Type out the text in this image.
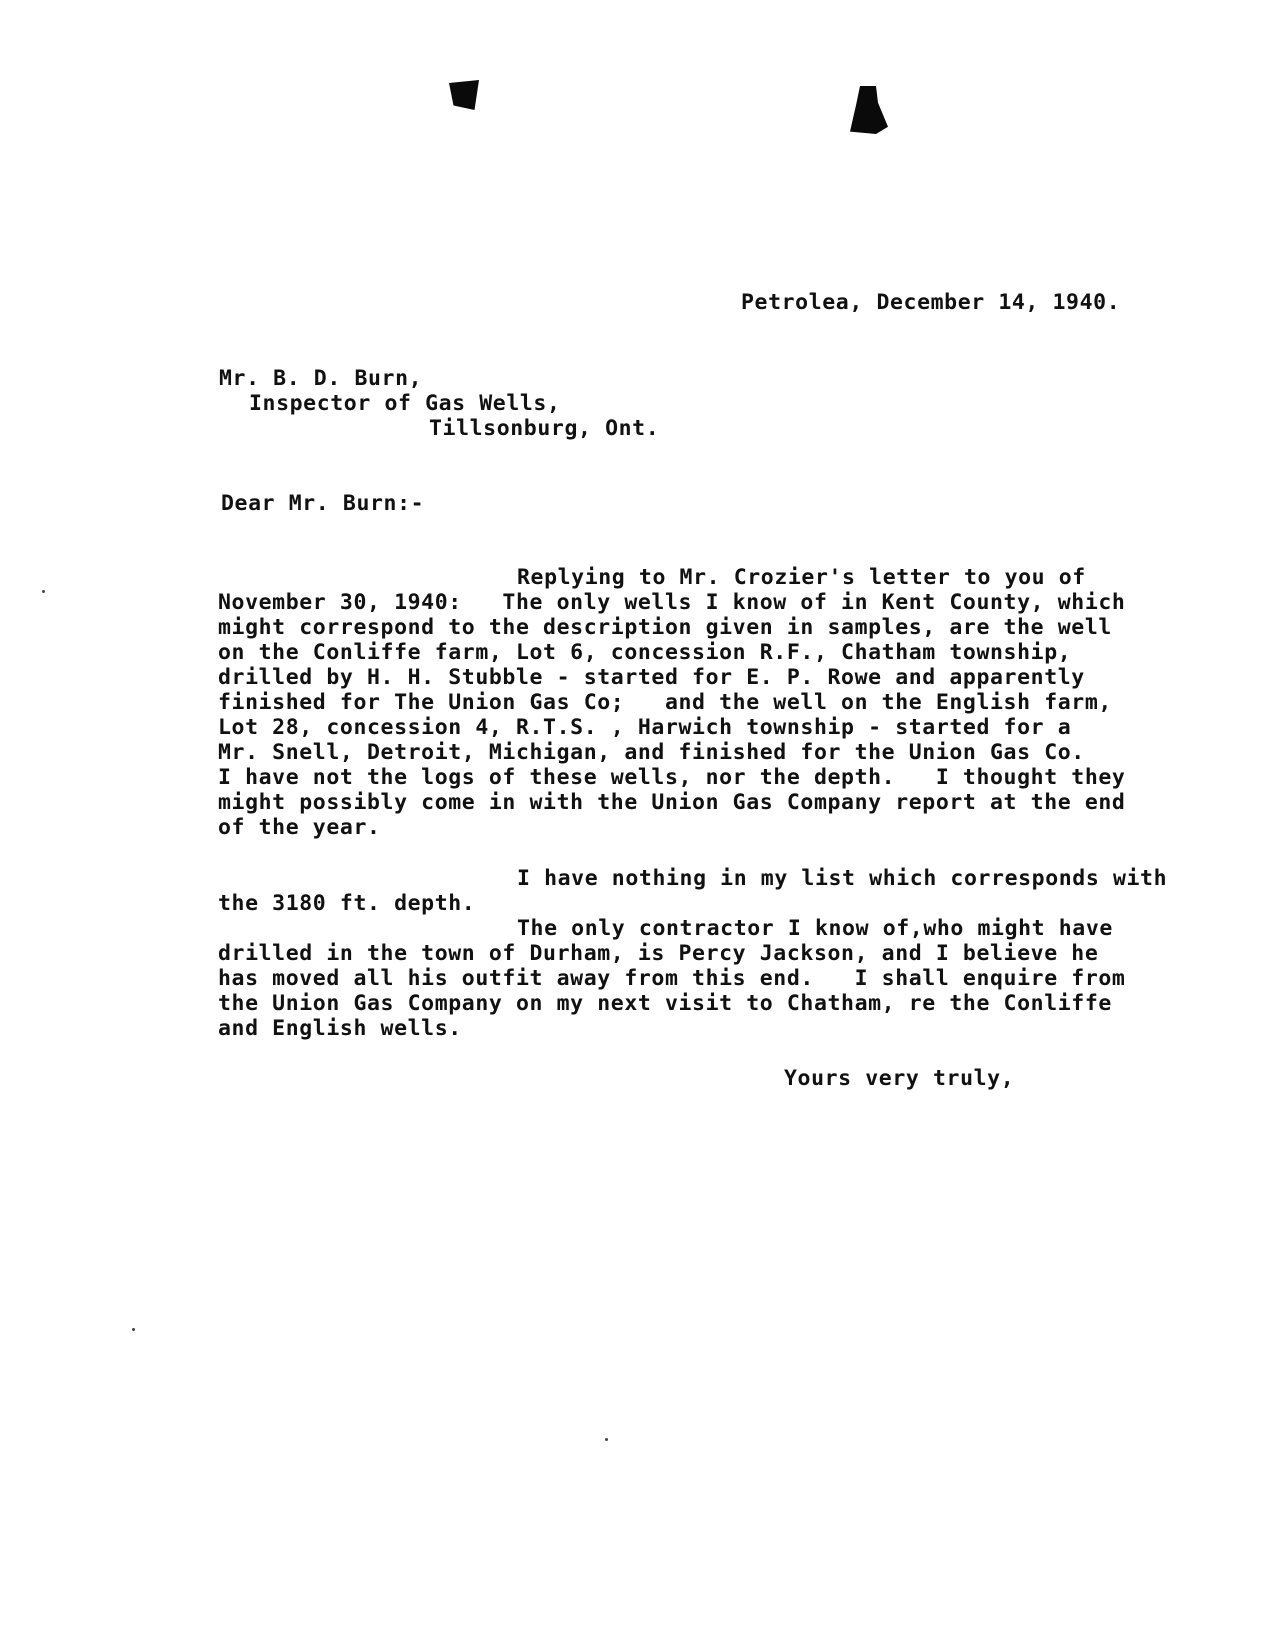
Petrolea, December 14, 1940.
Mr. B. D. Burn,
Inspector of Gas Wells,
Tillsonburg, Ont.
Dear Mr. Burn:-
Replying to Mr. Crozier's letter to you of
November 30, 1940:   The only wells I know of in Kent County, which
might correspond to the description given in samples, are the well
on the Conliffe farm, Lot 6, concession R.F., Chatham township,
drilled by H. H. Stubble - started for E. P. Rowe and apparently
finished for The Union Gas Co;   and the well on the English farm,
Lot 28, concession 4, R.T.S. , Harwich township - started for a
Mr. Snell, Detroit, Michigan, and finished for the Union Gas Co.
I have not the logs of these wells, nor the depth.   I thought they
might possibly come in with the Union Gas Company report at the end
of the year.
I have nothing in my list which corresponds with
the 3180 ft. depth.
The only contractor I know of,who might have
drilled in the town of Durham, is Percy Jackson, and I believe he
has moved all his outfit away from this end.   I shall enquire from
the Union Gas Company on my next visit to Chatham, re the Conliffe
and English wells.
Yours very truly,
